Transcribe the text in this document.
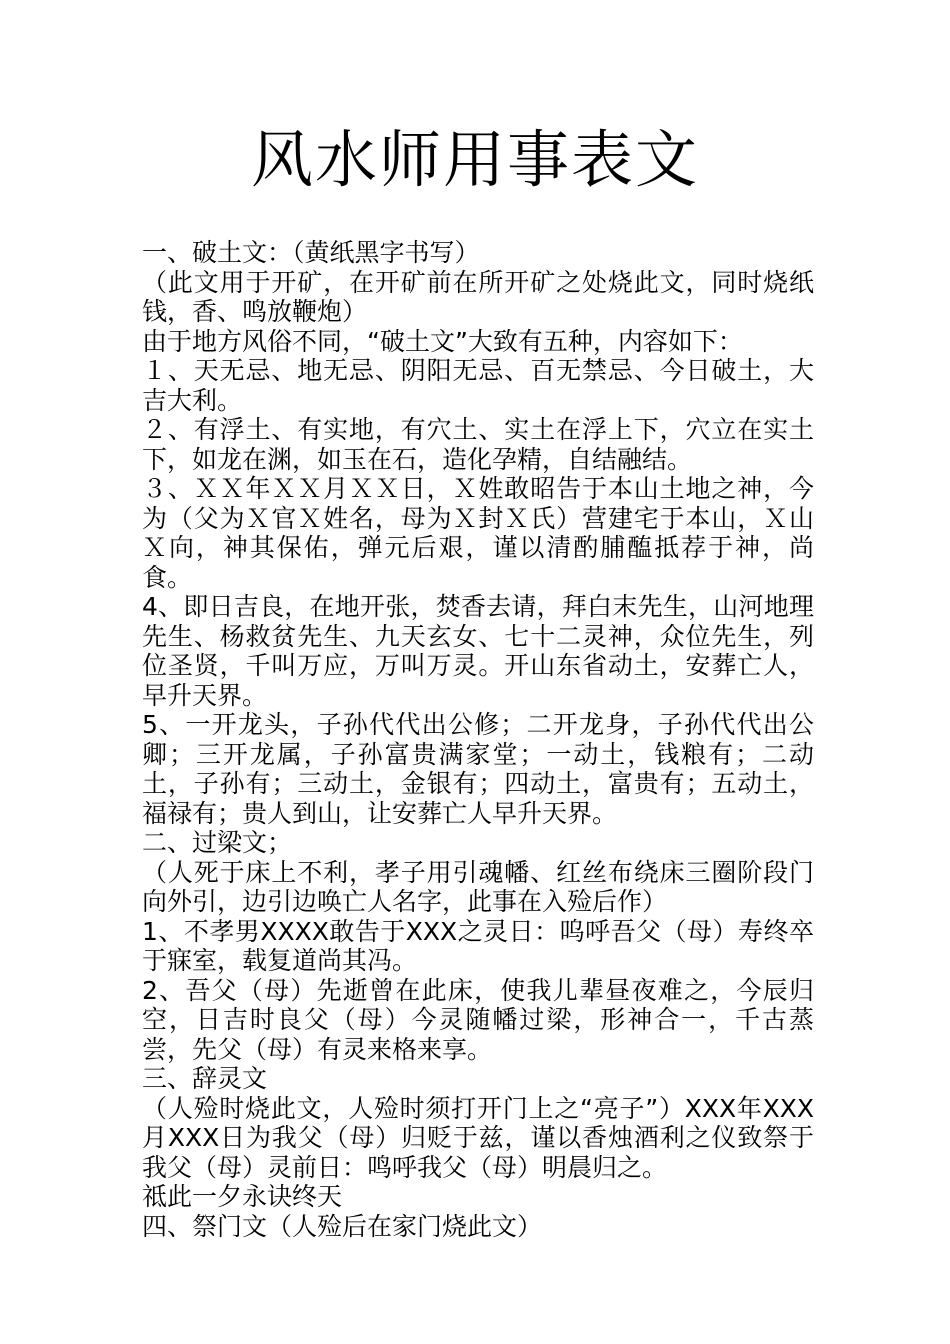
风水师用事表文

一、破土文：（黄纸黑字书写）

（此文用于开矿，在开矿前在所开矿之处烧此文，同时烧纸钱，香、鸣放鞭炮）

由于地方风俗不同，“破土文”大致有五种，内容如下：

１、天无忌、地无忌、阴阳无忌、百无禁忌、今日破土，大吉大利。

２、有浮土、有实地，有穴土、实土在浮上下，穴立在实土下，如龙在渊，如玉在石，造化孕精，自结融结。

３、ＸＸ年ＸＸ月ＸＸ日，Ｘ姓敢昭告于本山土地之神，今为（父为Ｘ官Ｘ姓名，母为Ｘ封Ｘ氏）营建宅于本山，Ｘ山Ｘ向，神其保佑，弹元后艰，谨以清酌脯醢抵荐于神，尚食。

4、即日吉良，在地开张，焚香去请，拜白末先生，山河地理先生、杨救贫先生、九天玄女、七十二灵神，众位先生，列位圣贤，千叫万应，万叫万灵。开山东省动土，安葬亡人，早升天界。

5、一开龙头，子孙代代出公修；二开龙身，子孙代代出公卿；三开龙属，子孙富贵满家堂；一动土，钱粮有；二动土，子孙有；三动土，金银有；四动土，富贵有；五动土，福禄有；贵人到山，让安葬亡人早升天界。

二、过梁文；

（人死于床上不利，孝子用引魂幡、红丝布绕床三圈阶段门向外引，边引边唤亡人名字，此事在入殓后作）

1、不孝男XXXX敢告于XXX之灵日：呜呼吾父（母）寿终卒于寐室，载复道尚其冯。

2、吾父（母）先逝曾在此床，使我儿辈昼夜难之，今辰归空，日吉时良父（母）今灵随幡过梁，形神合一，千古蒸尝，先父（母）有灵来格来享。

三、辞灵文

（人殓时烧此文，人殓时须打开门上之“亮子”）XXX年XXX月XXX日为我父（母）归贬于兹，谨以香烛酒利之仪致祭于我父（母）灵前日：鸣呼我父（母）明晨归之。

祗此一夕永诀终天

四、祭门文（人殓后在家门烧此文）
